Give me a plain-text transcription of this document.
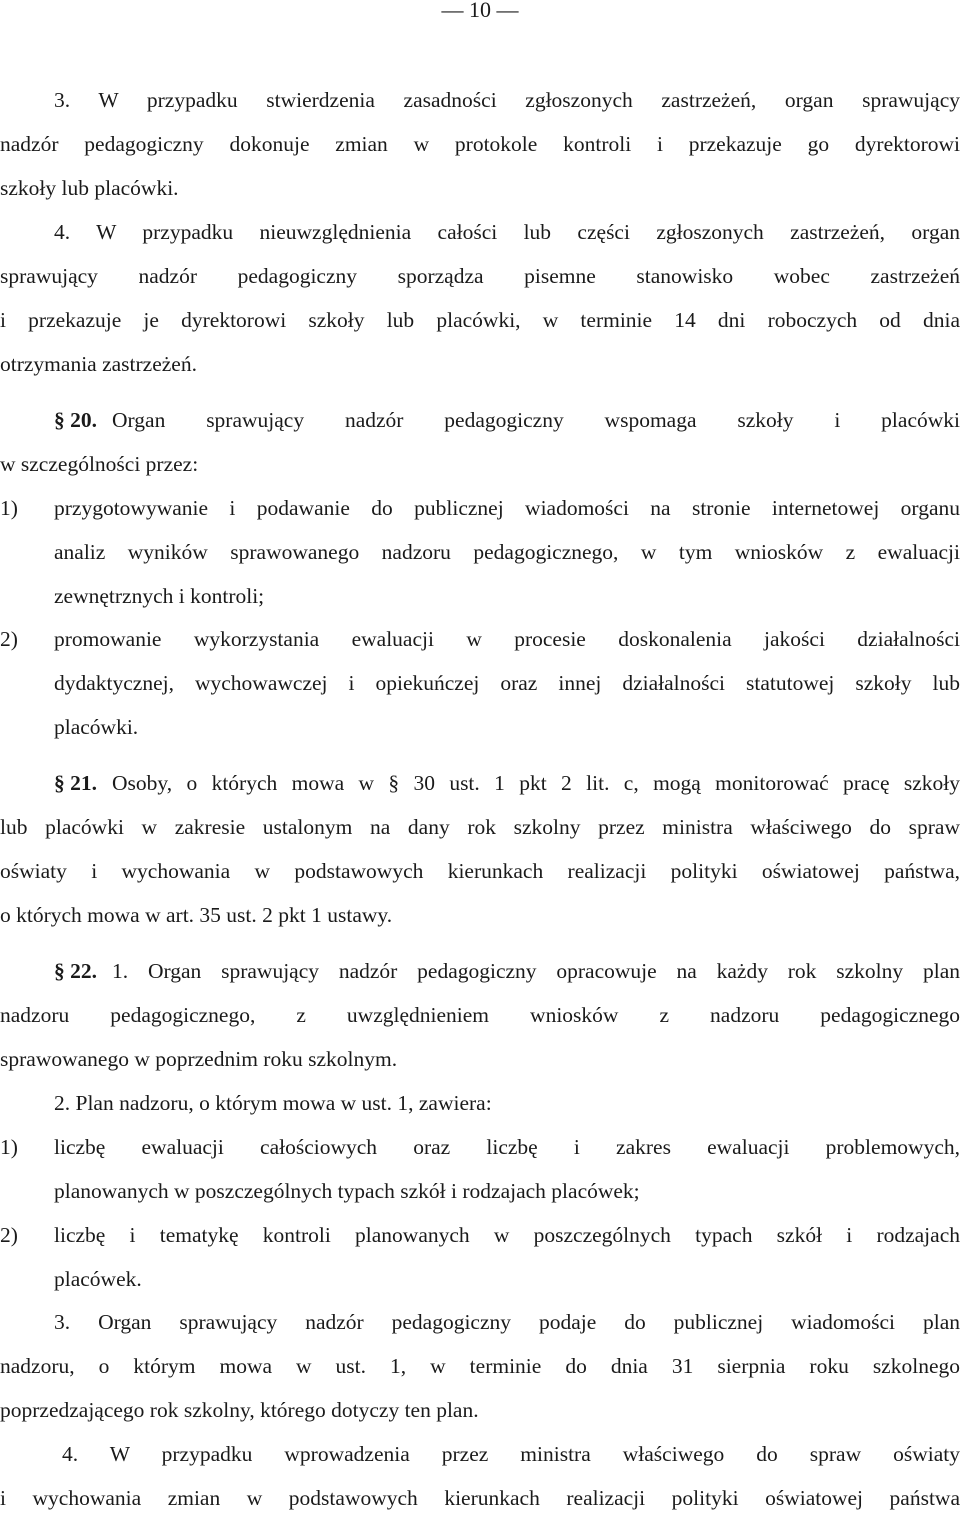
— 10 —
3. W przypadku stwierdzenia zasadności zgłoszonych zastrzeżeń, organ sprawujący
nadzór pedagogiczny dokonuje zmian w protokole kontroli i przekazuje go dyrektorowi
szkoły lub placówki.
4. W przypadku nieuwzględnienia całości lub części zgłoszonych zastrzeżeń, organ
sprawujący nadzór pedagogiczny sporządza pisemne stanowisko wobec zastrzeżeń
i przekazuje je dyrektorowi szkoły lub placówki, w terminie 14 dni roboczych od dnia
otrzymania zastrzeżeń.
§ 20. Organ sprawujący nadzór pedagogiczny wspomaga szkoły i placówki
w szczególności przez:
1)	przygotowywanie i podawanie do publicznej wiadomości na stronie internetowej organu
analiz wyników sprawowanego nadzoru pedagogicznego, w tym wniosków z ewaluacji
zewnętrznych i kontroli;
2)	promowanie wykorzystania ewaluacji w procesie doskonalenia jakości działalności
dydaktycznej, wychowawczej i opiekuńczej oraz innej działalności statutowej szkoły lub
placówki.
§ 21. Osoby, o których mowa w § 30 ust. 1 pkt 2 lit. c, mogą monitorować pracę szkoły
lub placówki w zakresie ustalonym na dany rok szkolny przez ministra właściwego do spraw
oświaty i wychowania w podstawowych kierunkach realizacji polityki oświatowej państwa,
o których mowa w art. 35 ust. 2 pkt 1 ustawy.
§ 22. 1. Organ sprawujący nadzór pedagogiczny opracowuje na każdy rok szkolny plan
nadzoru pedagogicznego, z uwzględnieniem wniosków z nadzoru pedagogicznego
sprawowanego w poprzednim roku szkolnym.
2. Plan nadzoru, o którym mowa w ust. 1, zawiera:
1)	liczbę ewaluacji całościowych oraz liczbę i zakres ewaluacji problemowych,
planowanych w poszczególnych typach szkół i rodzajach placówek;
2)	liczbę i tematykę kontroli planowanych w poszczególnych typach szkół i rodzajach
placówek.
3. Organ sprawujący nadzór pedagogiczny podaje do publicznej wiadomości plan
nadzoru, o którym mowa w ust. 1, w terminie do dnia 31 sierpnia roku szkolnego
poprzedzającego rok szkolny, którego dotyczy ten plan.
4. W przypadku wprowadzenia przez ministra właściwego do spraw oświaty
i wychowania zmian w podstawowych kierunkach realizacji polityki oświatowej państwa
